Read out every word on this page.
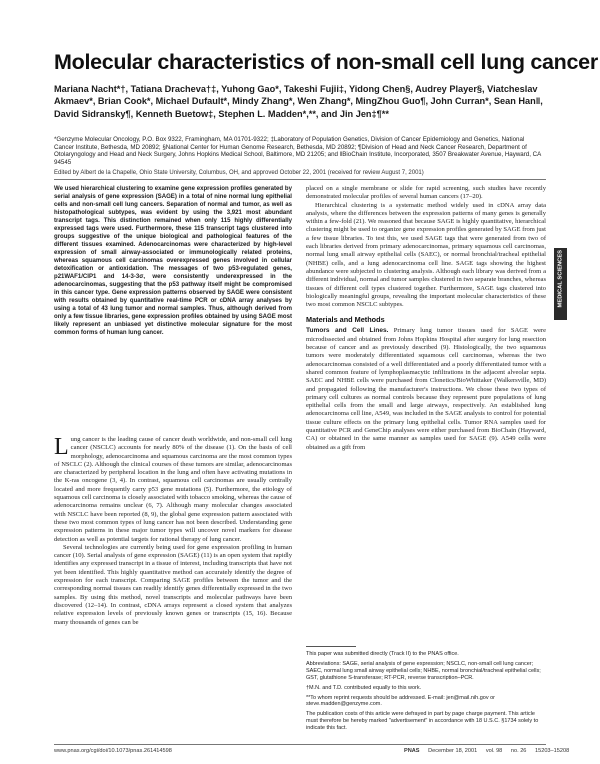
Molecular characteristics of non-small cell lung cancer
Mariana Nacht*†, Tatiana Dracheva†‡, Yuhong Gao*, Takeshi Fujii‡, Yidong Chen§, Audrey Player§, Viatcheslav Akmaev*, Brian Cook*, Michael Dufault*, Mindy Zhang*, Wen Zhang*, MingZhou Guo¶, John Curran*, Sean Han‖, David Sidransky¶, Kenneth Buetow‡, Stephen L. Madden*,**, and Jin Jen‡¶**
*Genzyme Molecular Oncology, P.O. Box 9322, Framingham, MA 01701-9322; ‡Laboratory of Population Genetics, Division of Cancer Epidemiology and Genetics, National Cancer Institute, Bethesda, MD 20892; §National Center for Human Genome Research, Bethesda, MD 20892; ¶Division of Head and Neck Cancer Research, Department of Otolaryngology and Head and Neck Surgery, Johns Hopkins Medical School, Baltimore, MD 21205; and ‖BioChain Institute, Incorporated, 3507 Breakwater Avenue, Hayward, CA 94545
Edited by Albert de la Chapelle, Ohio State University, Columbus, OH, and approved October 22, 2001 (received for review August 7, 2001)

We used hierarchical clustering to examine gene expression profiles generated by serial analysis of gene expression (SAGE) in a total of nine normal lung epithelial cells and non-small cell lung cancers. Separation of normal and tumor, as well as histopathological subtypes, was evident by using the 3,921 most abundant transcript tags. This distinction remained when only 115 highly differentially expressed tags were used. Furthermore, these 115 transcript tags clustered into groups suggestive of the unique biological and pathological features of the different tissues examined. Adenocarcinomas were characterized by high-level expression of small airway-associated or immunologically related proteins, whereas squamous cell carcinomas overexpressed genes involved in cellular detoxification or antioxidation. The messages of two p53-regulated genes, p21WAF1/CIP1 and 14-3-3σ, were consistently underexpressed in the adenocarcinomas, suggesting that the p53 pathway itself might be compromised in this cancer type. Gene expression patterns observed by SAGE were consistent with results obtained by quantitative real-time PCR or cDNA array analyses by using a total of 43 lung tumor and normal samples. Thus, although derived from only a few tissue libraries, gene expression profiles obtained by using SAGE most likely represent an unbiased yet distinctive molecular signature for the most common forms of human lung cancer.

L ung cancer is the leading cause of cancer death worldwide, and non-small cell lung cancer (NSCLC) accounts for nearly 80% of the disease (1). On the basis of cell morphology, adenocarcinoma and squamous carcinoma are the most common types of NSCLC (2). Although the clinical courses of these tumors are similar, adenocarcinomas are characterized by peripheral location in the lung and often have activating mutations in the K-ras oncogene (3, 4). In contrast, squamous cell carcinomas are usually centrally located and more frequently carry p53 gene mutations (5). Furthermore, the etiology of squamous cell carcinoma is closely associated with tobacco smoking, whereas the cause of adenocarcinoma remains unclear (6, 7). Although many molecular changes associated with NSCLC have been reported (8, 9), the global gene expression pattern associated with these two most common types of lung cancer has not been described. Understanding gene expression patterns in these major tumor types will uncover novel markers for disease detection as well as potential targets for rational therapy of lung cancer.

Several technologies are currently being used for gene expression profiling in human cancer (10). Serial analysis of gene expression (SAGE) (11) is an open system that rapidly identifies any expressed transcript in a tissue of interest, including transcripts that have not yet been identified. This highly quantitative method can accurately identify the degree of expression for each transcript. Comparing SAGE profiles between the tumor and the corresponding normal tissues can readily identify genes differentially expressed in the two samples. By using this method, novel transcripts and molecular pathways have been discovered (12–14). In contrast, cDNA arrays represent a closed system that analyzes relative expression levels of previously known genes or transcripts (15, 16). Because many thousands of genes can be

placed on a single membrane or slide for rapid screening, such studies have recently demonstrated molecular profiles of several human cancers (17–20).

Hierarchical clustering is a systematic method widely used in cDNA array data analysis, where the differences between the expression patterns of many genes is generally within a few-fold (21). We reasoned that because SAGE is highly quantitative, hierarchical clustering might be used to organize gene expression profiles generated by SAGE from just a few tissue libraries. To test this, we used SAGE tags that were generated from two of each libraries derived from primary adenocarcinomas, primary squamous cell carcinomas, normal lung small airway epithelial cells (SAEC), or normal bronchial/tracheal epithelial (NHBE) cells, and a lung adenocarcinoma cell line. SAGE tags showing the highest abundance were subjected to clustering analysis. Although each library was derived from a different individual, normal and tumor samples clustered in two separate branches, whereas tissues of different cell types clustered together. Furthermore, SAGE tags clustered into biologically meaningful groups, revealing the important molecular characteristics of these two most common NSCLC subtypes.

Materials and Methods

Tumors and Cell Lines. Primary lung tumor tissues used for SAGE were microdissected and obtained from Johns Hopkins Hospital after surgery for lung resection because of cancer and as previously described (9). Histologically, the two squamous tumors were moderately differentiated squamous cell carcinomas, whereas the two adenocarcinomas consisted of a well differentiated and a poorly differentiated tumor with a shared common feature of lymphoplasmacytic infiltrations in the adjacent alveolar septa. SAEC and NHBE cells were purchased from Clonetics/BioWhittaker (Walkersville, MD) and propagated following the manufacturer's instructions. We chose these two types of primary cell cultures as normal controls because they represent pure populations of lung epithelial cells from the small and large airways, respectively. An established lung adenocarcinoma cell line, A549, was included in the SAGE analysis to control for potential tissue culture effects on the primary lung epithelial cells. Tumor RNA samples used for quantitative PCR and GeneChip analyses were either purchased from BioChain (Hayward, CA) or obtained in the same manner as samples used for SAGE (9). A549 cells were obtained as a gift from

MEDICAL SCIENCES

This paper was submitted directly (Track II) to the PNAS office.

Abbreviations: SAGE, serial analysis of gene expression; NSCLC, non-small cell lung cancer; SAEC, normal lung small airway epithelial cells; NHBE, normal bronchial/tracheal epithelial cells; GST, glutathione S-transferase; RT-PCR, reverse transcription–PCR.

†M.N. and T.D. contributed equally to this work.

**To whom reprint requests should be addressed. E-mail: jen@mail.nih.gov or steve.madden@genzyme.com.

The publication costs of this article were defrayed in part by page charge payment. This article must therefore be hereby marked "advertisement" in accordance with 18 U.S.C. §1734 solely to indicate this fact.

www.pnas.org/cgi/doi/10.1073/pnas.261414598	PNAS December 18, 2001 vol. 98 no. 26 15203–15208
